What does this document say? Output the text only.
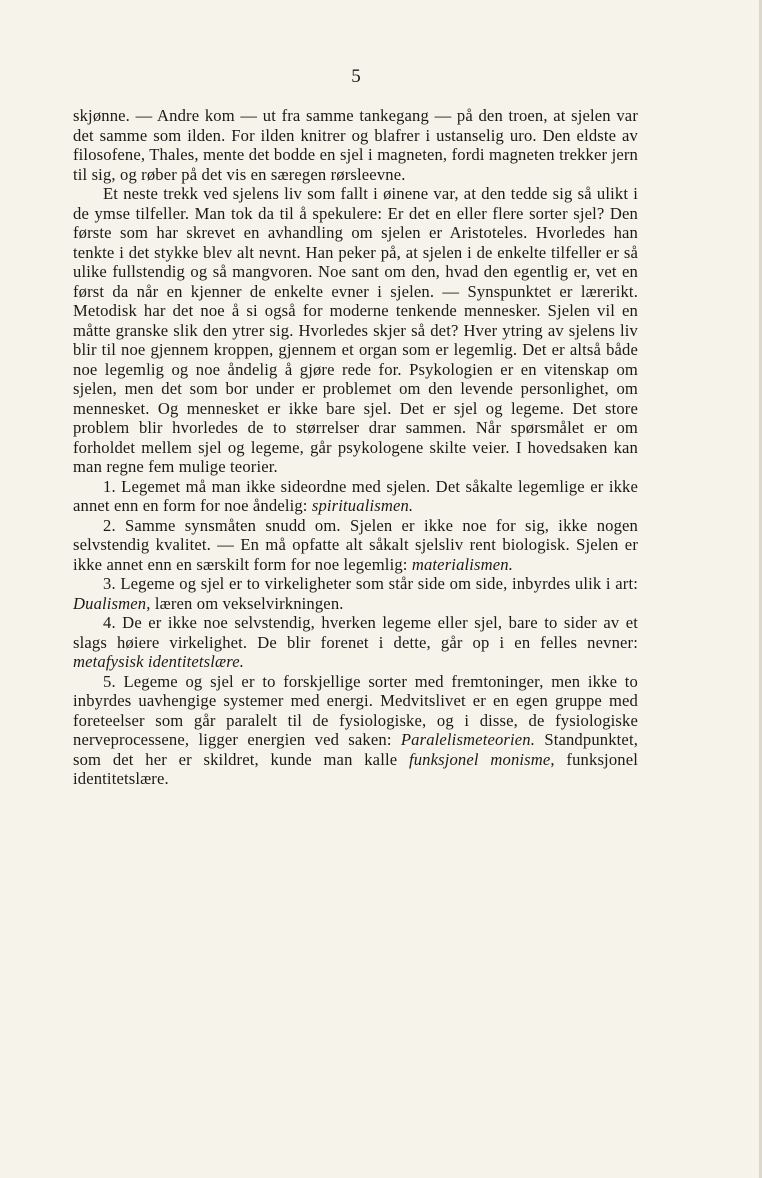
5

skjønne. — Andre kom — ut fra samme tankegang — på den troen, at sjelen var det samme som ilden. For ilden knitrer og blafrer i ustanselig uro. Den eldste av filosofene, Thales, mente det bodde en sjel i magneten, fordi magneten trekker jern til sig, og røber på det vis en særegen rørsleevne.

Et neste trekk ved sjelens liv som fallt i øinene var, at den tedde sig så ulikt i de ymse tilfeller. Man tok da til å spekulere: Er det en eller flere sorter sjel? Den første som har skrevet en avhandling om sjelen er Aristoteles. Hvorledes han tenkte i det stykke blev alt nevnt. Han peker på, at sjelen i de enkelte tilfeller er så ulike fullstendig og så mangvoren. Noe sant om den, hvad den egentlig er, vet en først da når en kjenner de enkelte evner i sjelen. — Synspunktet er lærerikt. Metodisk har det noe å si også for moderne tenkende mennesker. Sjelen vil en måtte granske slik den ytrer sig. Hvorledes skjer så det? Hver ytring av sjelens liv blir til noe gjennem kroppen, gjennem et organ som er legemlig. Det er altså både noe legemlig og noe åndelig å gjøre rede for. Psykologien er en vitenskap om sjelen, men det som bor under er problemet om den levende personlighet, om mennesket. Og mennesket er ikke bare sjel. Det er sjel og legeme. Det store problem blir hvorledes de to størrelser drar sammen. Når spørsmålet er om forholdet mellem sjel og legeme, går psykologene skilte veier. I hovedsaken kan man regne fem mulige teorier.

1. Legemet må man ikke sideordne med sjelen. Det såkalte legemlige er ikke annet enn en form for noe åndelig: spiritualismen.

2. Samme synsmåten snudd om. Sjelen er ikke noe for sig, ikke nogen selvstendig kvalitet. — En må opfatte alt såkalt sjelsliv rent biologisk. Sjelen er ikke annet enn en særskilt form for noe legemlig: materialismen.

3. Legeme og sjel er to virkeligheter som står side om side, inbyrdes ulik i art: Dualismen, læren om vekselvirkningen.

4. De er ikke noe selvstendig, hverken legeme eller sjel, bare to sider av et slags høiere virkelighet. De blir forenet i dette, går op i en felles nevner: metafysisk identitetslære.

5. Legeme og sjel er to forskjellige sorter med fremtoninger, men ikke to inbyrdes uavhengige systemer med energi. Medvitslivet er en egen gruppe med foreteelser som går paralelt til de fysiologiske, og i disse, de fysiologiske nerveprocessene, ligger energien ved saken: Paralelismeteorien. Standpunktet, som det her er skildret, kunde man kalle funksjonel monisme, funksjonel identitetslære.
